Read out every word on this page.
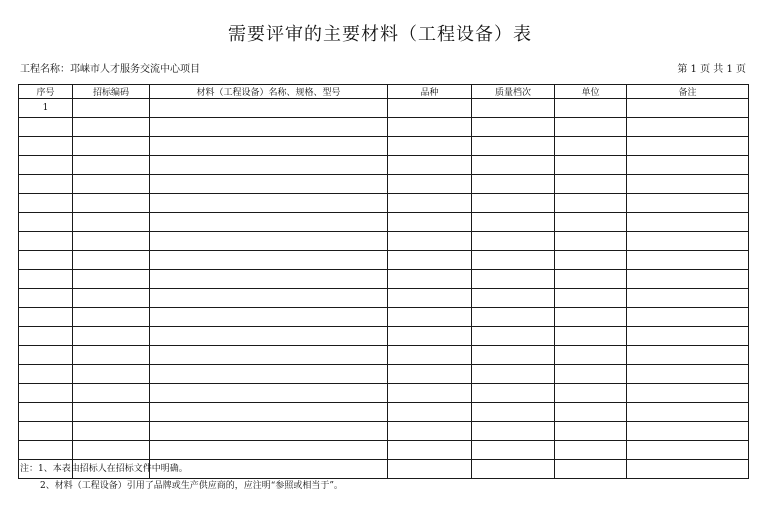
需要评审的主要材料（工程设备）表
工程名称：邛崃市人才服务交流中心项目	第 1 页 共 1 页
序号	招标编码	材料（工程设备）名称、规格、型号	品种	质量档次	单位	备注
1						

注：1、本表由招标人在招标文件中明确。
2、材料（工程设备）引用了品牌或生产供应商的，应注明“参照或相当于”。
